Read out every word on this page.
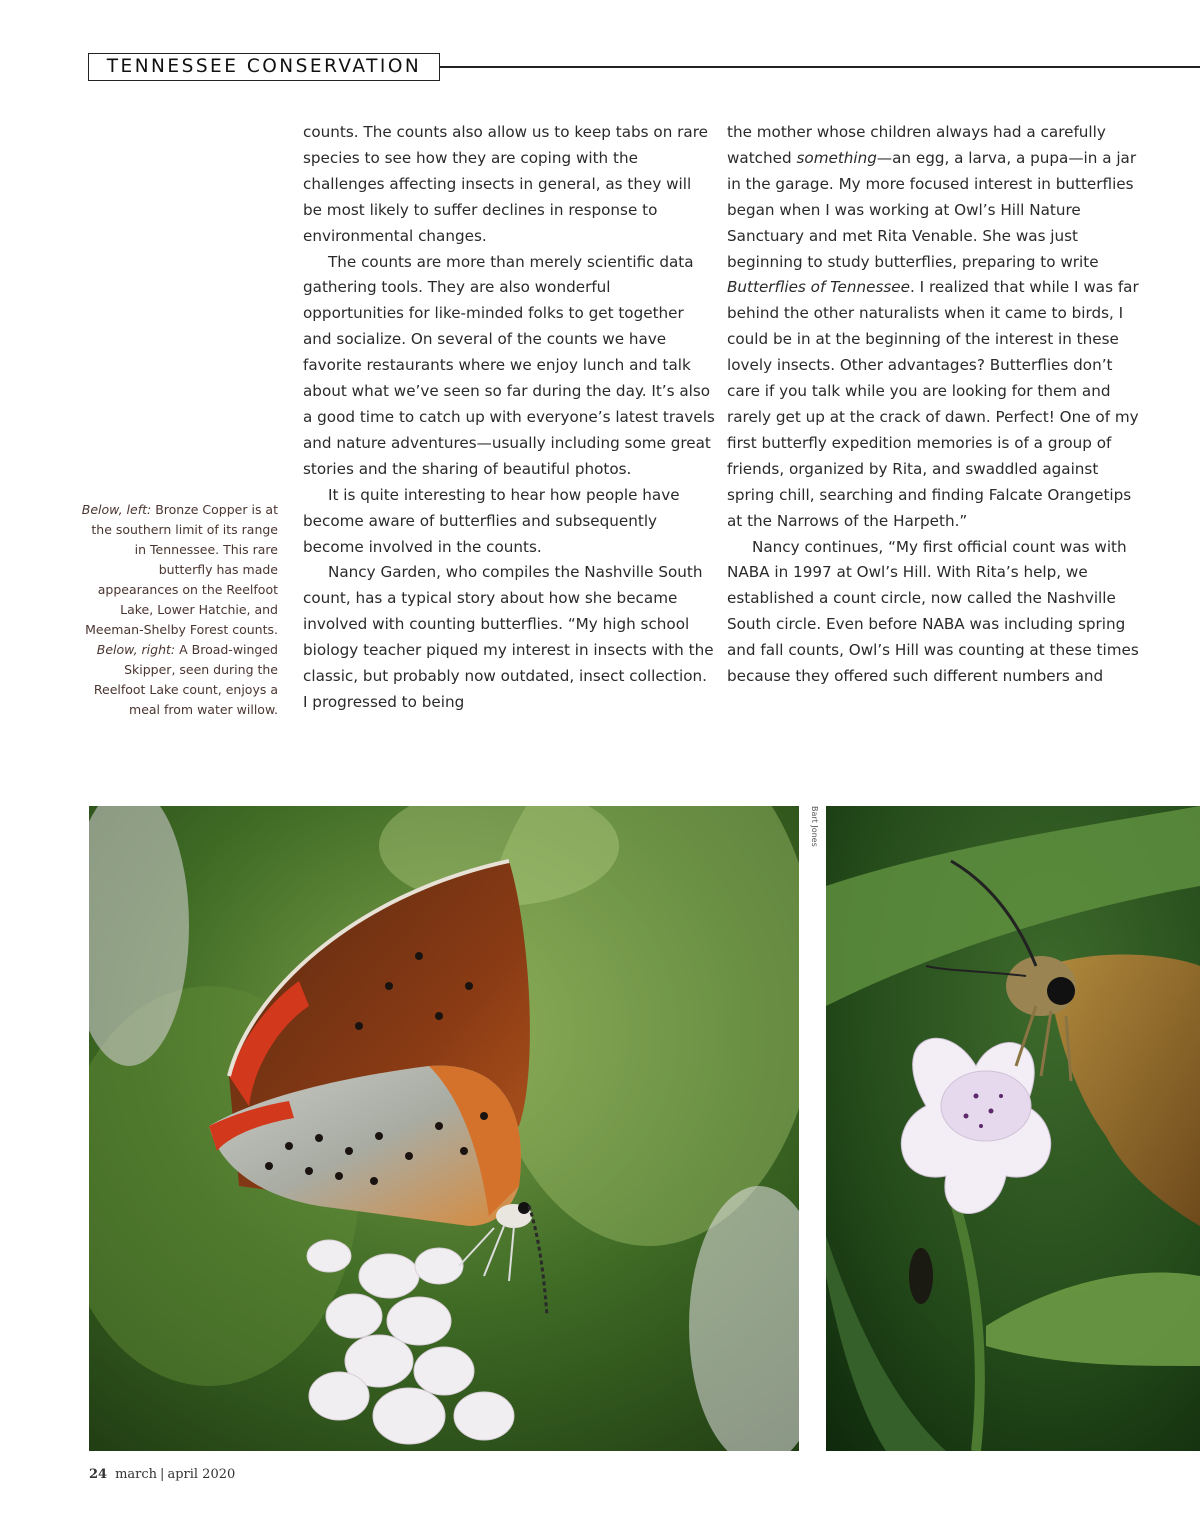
TENNESSEE CONSERVATION
Below, left: Bronze Copper is at the southern limit of its range in Tennessee. This rare butterfly has made appearances on the Reelfoot Lake, Lower Hatchie, and Meeman-Shelby Forest counts. Below, right: A Broad-winged Skipper, seen during the Reelfoot Lake count, enjoys a meal from water willow.

counts. The counts also allow us to keep tabs on rare species to see how they are coping with the challenges affecting insects in general, as they will be most likely to suffer declines in response to environmental changes.

The counts are more than merely scientific data gathering tools. They are also wonderful opportunities for like-minded folks to get together and socialize. On several of the counts we have favorite restaurants where we enjoy lunch and talk about what we’ve seen so far during the day. It’s also a good time to catch up with everyone’s latest travels and nature adventures—usually including some great stories and the sharing of beautiful photos.

It is quite interesting to hear how people have become aware of butterflies and subsequently become involved in the counts.

Nancy Garden, who compiles the Nashville South count, has a typical story about how she became involved with counting butterflies. “My high school biology teacher piqued my interest in insects with the classic, but probably now outdated, insect collection. I progressed to being

the mother whose children always had a carefully watched something—an egg, a larva, a pupa—in a jar in the garage. My more focused interest in butterflies began when I was working at Owl’s Hill Nature Sanctuary and met Rita Venable. She was just beginning to study butterflies, preparing to write Butterflies of Tennessee. I realized that while I was far behind the other naturalists when it came to birds, I could be in at the beginning of the interest in these lovely insects. Other advantages? Butterflies don’t care if you talk while you are looking for them and rarely get up at the crack of dawn. Perfect! One of my first butterfly expedition memories is of a group of friends, organized by Rita, and swaddled against spring chill, searching and finding Falcate Orangetips at the Narrows of the Harpeth.”

Nancy continues, “My first official count was with NABA in 1997 at Owl’s Hill. With Rita’s help, we established a count circle, now called the Nashville South circle. Even before NABA was including spring and fall counts, Owl’s Hill was counting at these times because they offered such different numbers and

Bart Jones
24 march | april 2020
